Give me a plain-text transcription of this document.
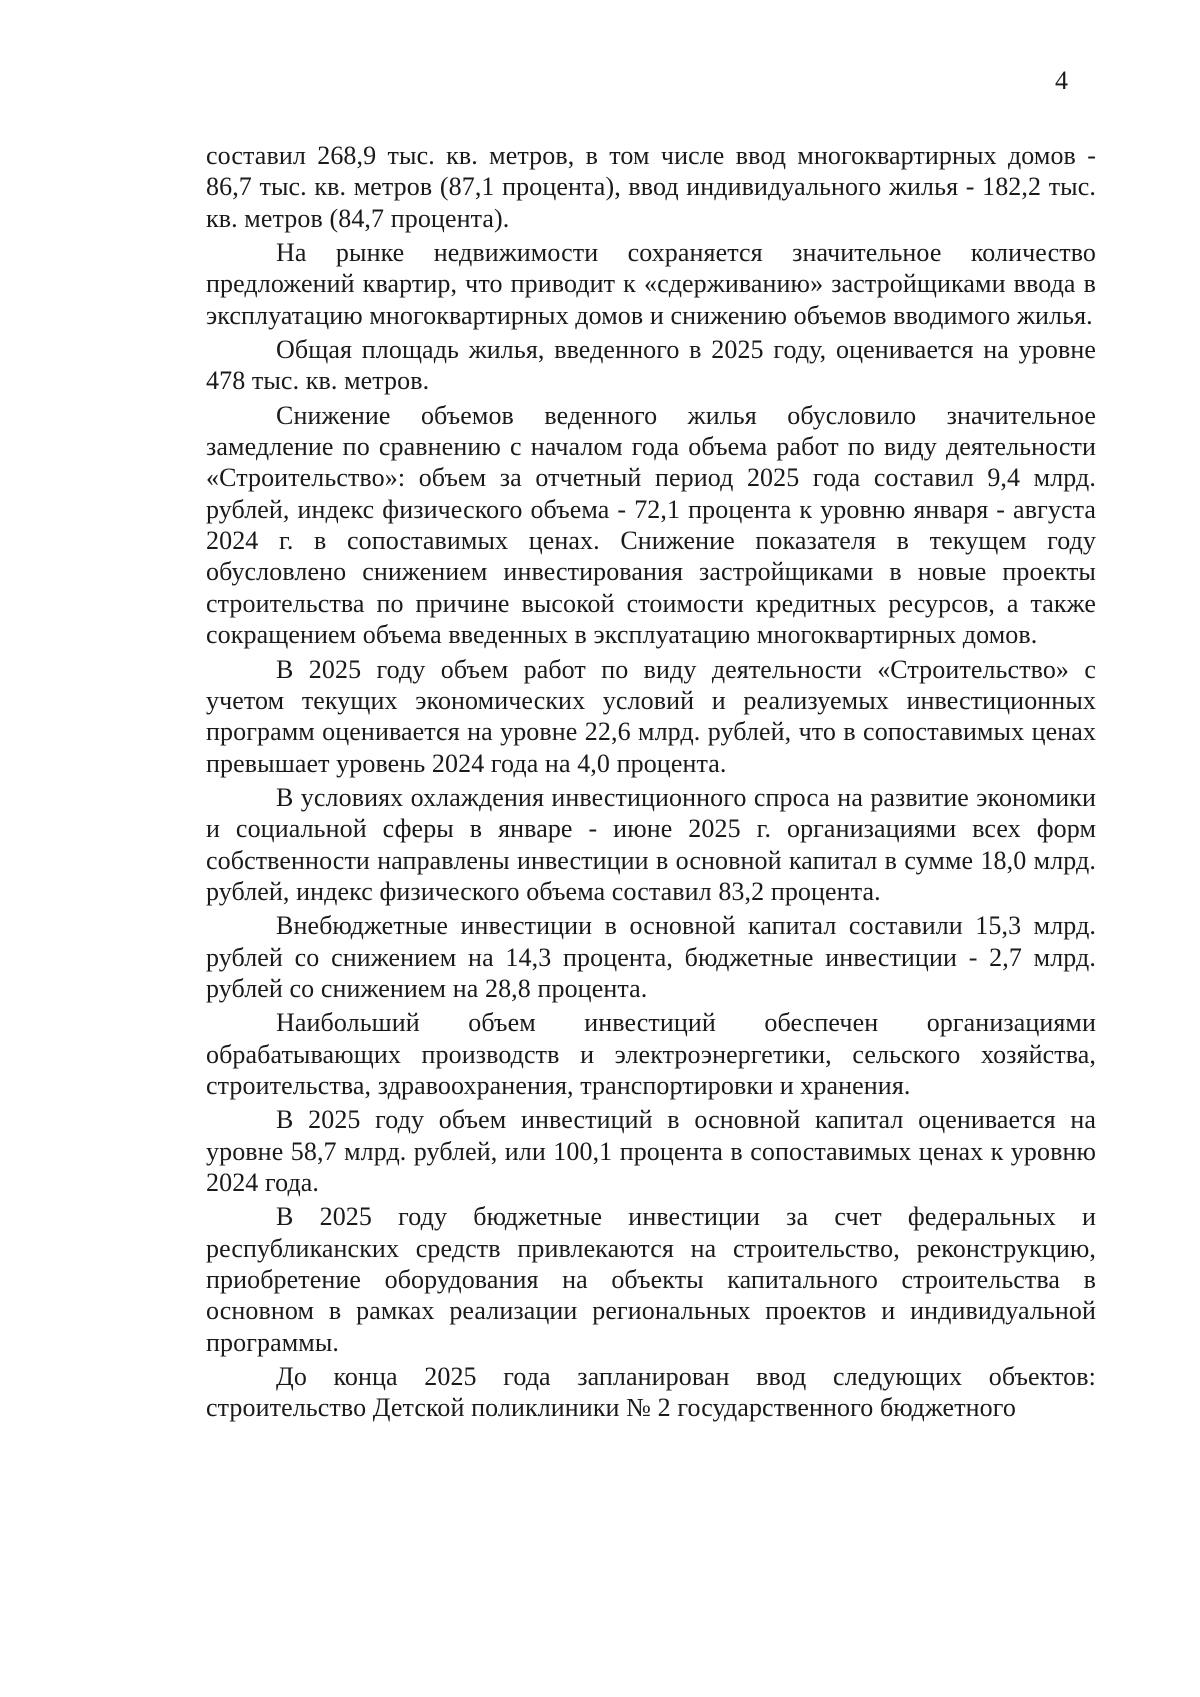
4

составил 268,9 тыс. кв. метров, в том числе ввод многоквартирных домов - 86,7 тыс. кв. метров (87,1 процента), ввод индивидуального жилья - 182,2 тыс. кв. метров (84,7 процента).

На рынке недвижимости сохраняется значительное количество предложений квартир, что приводит к «сдерживанию» застройщиками ввода в эксплуатацию многоквартирных домов и снижению объемов вводимого жилья.

Общая площадь жилья, введенного в 2025 году, оценивается на уровне 478 тыс. кв. метров.

Снижение объемов веденного жилья обусловило значительное замедление по сравнению с началом года объема работ по виду деятельности «Строительство»: объем за отчетный период 2025 года составил 9,4 млрд. рублей, индекс физического объема - 72,1 процента к уровню января - августа 2024 г. в сопоставимых ценах. Снижение показателя в текущем году обусловлено снижением инвестирования застройщиками в новые проекты строительства по причине высокой стоимости кредитных ресурсов, а также сокращением объема введенных в эксплуатацию многоквартирных домов.

В 2025 году объем работ по виду деятельности «Строительство» с учетом текущих экономических условий и реализуемых инвестиционных программ оценивается на уровне 22,6 млрд. рублей, что в сопоставимых ценах превышает уровень 2024 года на 4,0 процента.

В условиях охлаждения инвестиционного спроса на развитие экономики и социальной сферы в январе - июне 2025 г. организациями всех форм собственности направлены инвестиции в основной капитал в сумме 18,0 млрд. рублей, индекс физического объема составил 83,2 процента.

Внебюджетные инвестиции в основной капитал составили 15,3 млрд. рублей со снижением на 14,3 процента, бюджетные инвестиции - 2,7 млрд. рублей со снижением на 28,8 процента.

Наибольший объем инвестиций обеспечен организациями обрабатывающих производств и электроэнергетики, сельского хозяйства, строительства, здравоохранения, транспортировки и хранения.

В 2025 году объем инвестиций в основной капитал оценивается на уровне 58,7 млрд. рублей, или 100,1 процента в сопоставимых ценах к уровню 2024 года.

В 2025 году бюджетные инвестиции за счет федеральных и республиканских средств привлекаются на строительство, реконструкцию, приобретение оборудования на объекты капитального строительства в основном в рамках реализации региональных проектов и индивидуальной программы.

До конца 2025 года запланирован ввод следующих объектов: строительство Детской поликлиники № 2 государственного бюджетного
